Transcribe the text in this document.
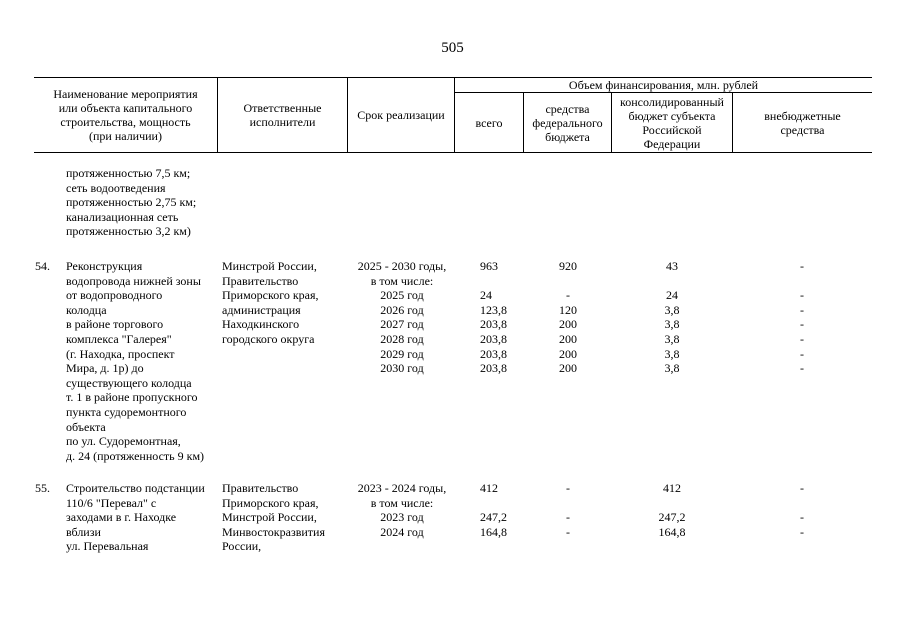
505
Наименование мероприятия
или объекта капитального
строительства, мощность
(при наличии)
Ответственные
исполнители	Срок реализации
Объем финансирования, млн. рублей
всего
средства
федерального
бюджета
консолидированный
бюджет субъекта
Российской
Федерации
внебюджетные
средства
протяженностью 7,5 км;
сеть водоотведения
протяженностью 2,75 км;
канализационная сеть
протяженностью 3,2 км)
54. Реконструкция
водопровода нижней зоны
от водопроводного
колодца
в районе торгового
комплекса "Галерея"
(г. Находка, проспект
Мира, д. 1р) до
существующего колодца
т. 1 в районе пропускного
пункта судоремонтного
объекта
по ул. Судоремонтная,
д. 24 (протяженность 9 км)
Минстрой России,
Правительство
Приморского края,
администрация
Находкинского
городского округа
2025 - 2030 годы,
в том числе:
2025 год
2026 год
2027 год
2028 год
2029 год
2030 год
963
24
123,8
203,8
203,8
203,8
203,8
920
-
120
200
200
200
200
43
24
3,8
3,8
3,8
3,8
3,8
-
-
-
-
-
-
-
55. Строительство подстанции
110/6 "Перевал" с
заходами в г. Находке
вблизи
ул. Перевальная
Правительство
Приморского края,
Минстрой России,
Минвостокразвития
России,
2023 - 2024 годы,
в том числе:
2023 год
2024 год
412
247,2
164,8
-
-
-
412
247,2
164,8
-
-
-
